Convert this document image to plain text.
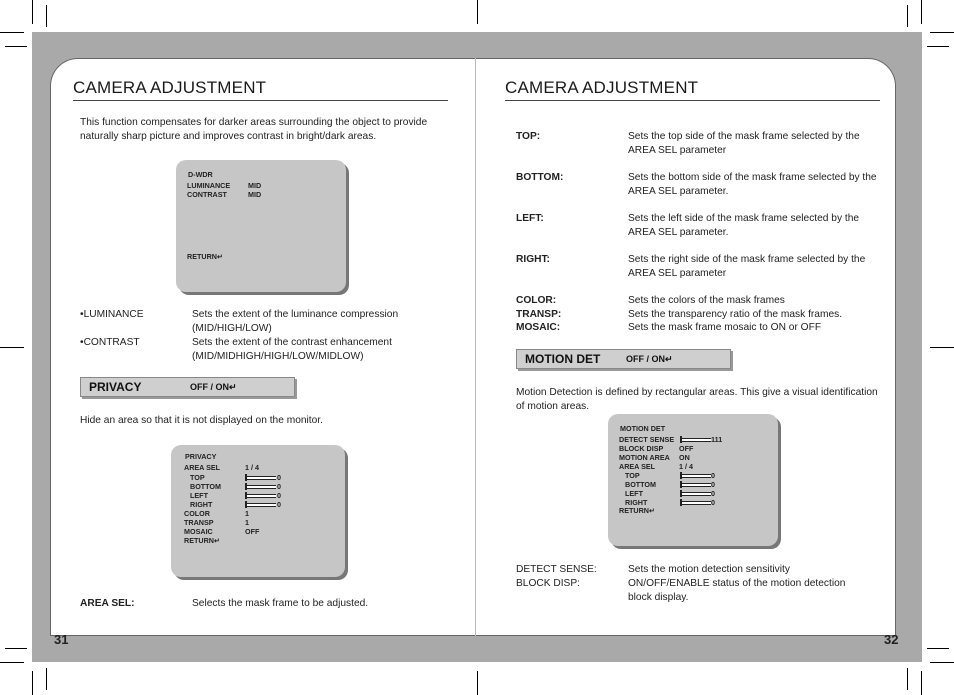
CAMERA ADJUSTMENT
This function compensates for darker areas surrounding the object to provide
naturally sharp picture and improves contrast in bright/dark areas.
D-WDR
LUMINANCE MID
CONTRAST	MID
RETURN↵
•LUMINANCE	Sets the extent of the luminance compression
(MID/HIGH/LOW)
•CONTRAST	Sets the extent of the contrast enhancement
(MID/MIDHIGH/HIGH/LOW/MIDLOW)
PRIVACY	OFF / ON↵
Hide an area so that it is not displayed on the monitor.
PRIVACY
AREA SEL	1 / 4
TOP	0
BOTTOM	0
LEFT	0
RIGHT	0
COLOR	1
TRANSP	1
MOSAIC	OFF
RETURN↵
AREA SEL:	Selects the mask frame to be adjusted.
31
CAMERA ADJUSTMENT
TOP:	Sets the top side of the mask frame selected by the
AREA SEL parameter
BOTTOM:	Sets the bottom side of the mask frame selected by the
AREA SEL parameter.
LEFT:	Sets the left side of the mask frame selected by the
AREA SEL parameter.
RIGHT:	Sets the right side of the mask frame selected by the
AREA SEL parameter
COLOR:	Sets the colors of the mask frames
TRANSP:	Sets the transparency ratio of the mask frames.
MOSAIC:	Sets the mask frame mosaic to ON or OFF
MOTION DET	OFF / ON↵
Motion Detection is defined by rectangular areas. This give a visual identification
of motion areas.
MOTION DET
DETECT SENSE	111
BLOCK DISP OFF
MOTION AREA ON
AREA SEL	1 / 4
TOP	0
BOTTOM	0
LEFT	0
RIGHT	0
RETURN↵
DETECT SENSE:	Sets the motion detection sensitivity
BLOCK DISP:	ON/OFF/ENABLE status of the motion detection
block display.
32
